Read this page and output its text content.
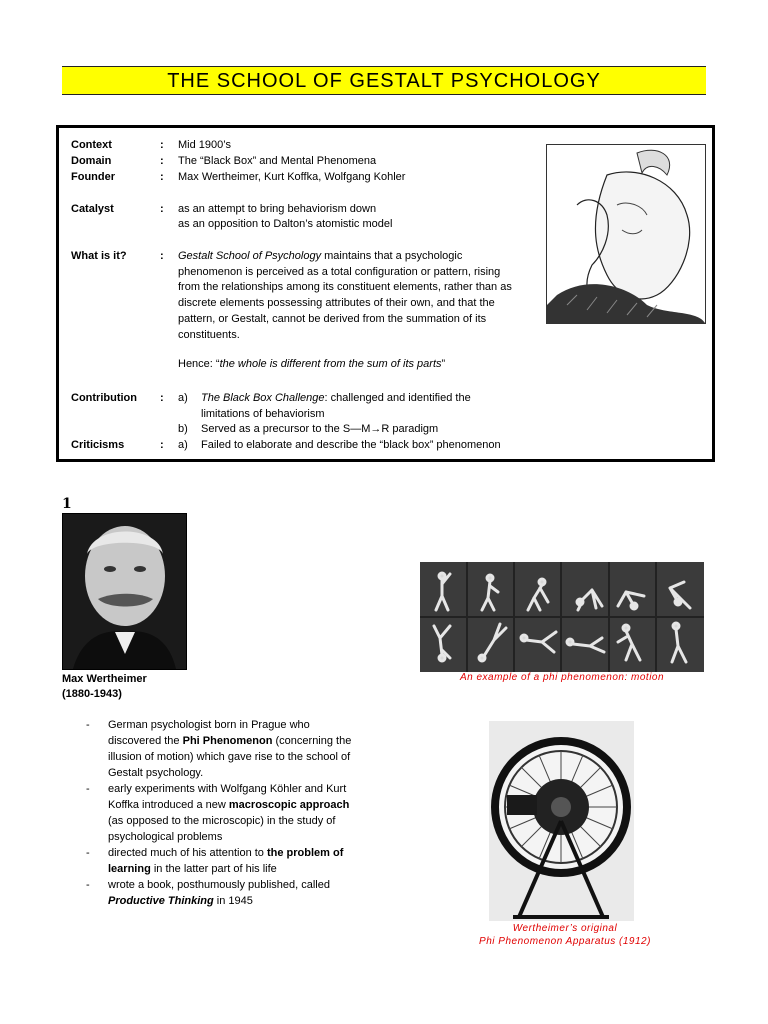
THE SCHOOL OF GESTALT PSYCHOLOGY
Context	:	Mid 1900’s
Domain	:	The “Black Box” and Mental Phenomena
Founder	:	Max Wertheimer, Kurt Koffka, Wolfgang Kohler
Catalyst	:	as an attempt to bring behaviorism down
as an opposition to Dalton’s atomistic model
What is it?	:	Gestalt School of Psychology maintains that a psychologic phenomenon is perceived as a total configuration or pattern, rising from the relationships among its constituent elements, rather than as discrete elements possessing attributes of their own, and that the pattern, or Gestalt, cannot be derived from the summation of its constituents.
Hence: “the whole is different from the sum of its parts”
Contribution	:	a) The Black Box Challenge: challenged and identified the limitations of behaviorism
b) Served as a precursor to the S—M→R paradigm
Criticisms	:	a) Failed to elaborate and describe the “black box” phenomenon
1
Max Wertheimer
(1880-1943)
- German psychologist born in Prague who discovered the Phi Phenomenon (concerning the illusion of motion) which gave rise to the school of Gestalt psychology.
- early experiments with Wolfgang Köhler and Kurt Koffka introduced a new macroscopic approach (as opposed to the microscopic) in the study of psychological problems
- directed much of his attention to the problem of learning in the latter part of his life
- wrote a book, posthumously published, called Productive Thinking in 1945
An example of a phi phenomenon: motion
Wertheimer’s original
Phi Phenomenon Apparatus (1912)
